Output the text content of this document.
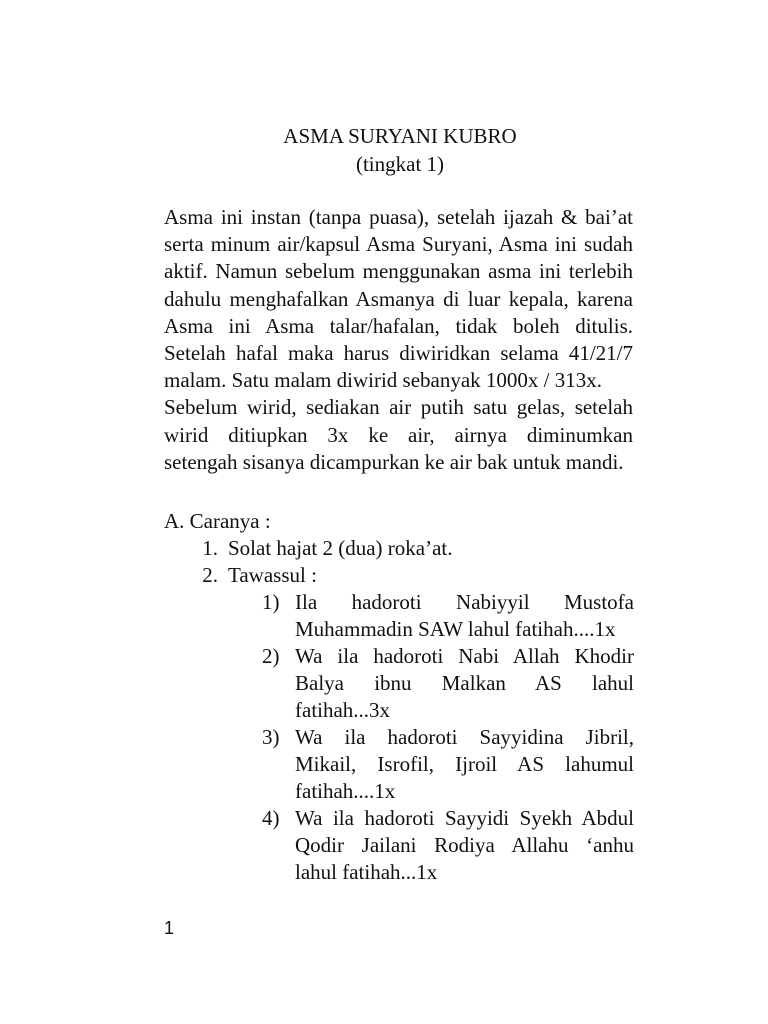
ASMA SURYANI KUBRO
(tingkat 1)
Asma ini instan (tanpa puasa), setelah ijazah & bai’at
serta minum air/kapsul Asma Suryani, Asma ini sudah
aktif. Namun sebelum menggunakan asma ini terlebih
dahulu menghafalkan Asmanya di luar kepala, karena
Asma ini Asma talar/hafalan, tidak boleh ditulis.
Setelah hafal maka harus diwiridkan selama 41/21/7
malam. Satu malam diwirid sebanyak 1000x / 313x.
Sebelum wirid, sediakan air putih satu gelas, setelah
wirid ditiupkan 3x ke air, airnya diminumkan
setengah sisanya dicampurkan ke air bak untuk mandi.
A. Caranya :
1. Solat hajat 2 (dua) roka’at.
2. Tawassul :
1) Ila hadoroti Nabiyyil Mustofa
Muhammadin SAW lahul fatihah....1x
2) Wa ila hadoroti Nabi Allah Khodir
Balya ibnu Malkan AS lahul
fatihah...3x
3) Wa ila hadoroti Sayyidina Jibril,
Mikail, Isrofil, Ijroil AS lahumul
fatihah....1x
4) Wa ila hadoroti Sayyidi Syekh Abdul
Qodir Jailani Rodiya Allahu ‘anhu
lahul fatihah...1x
1
